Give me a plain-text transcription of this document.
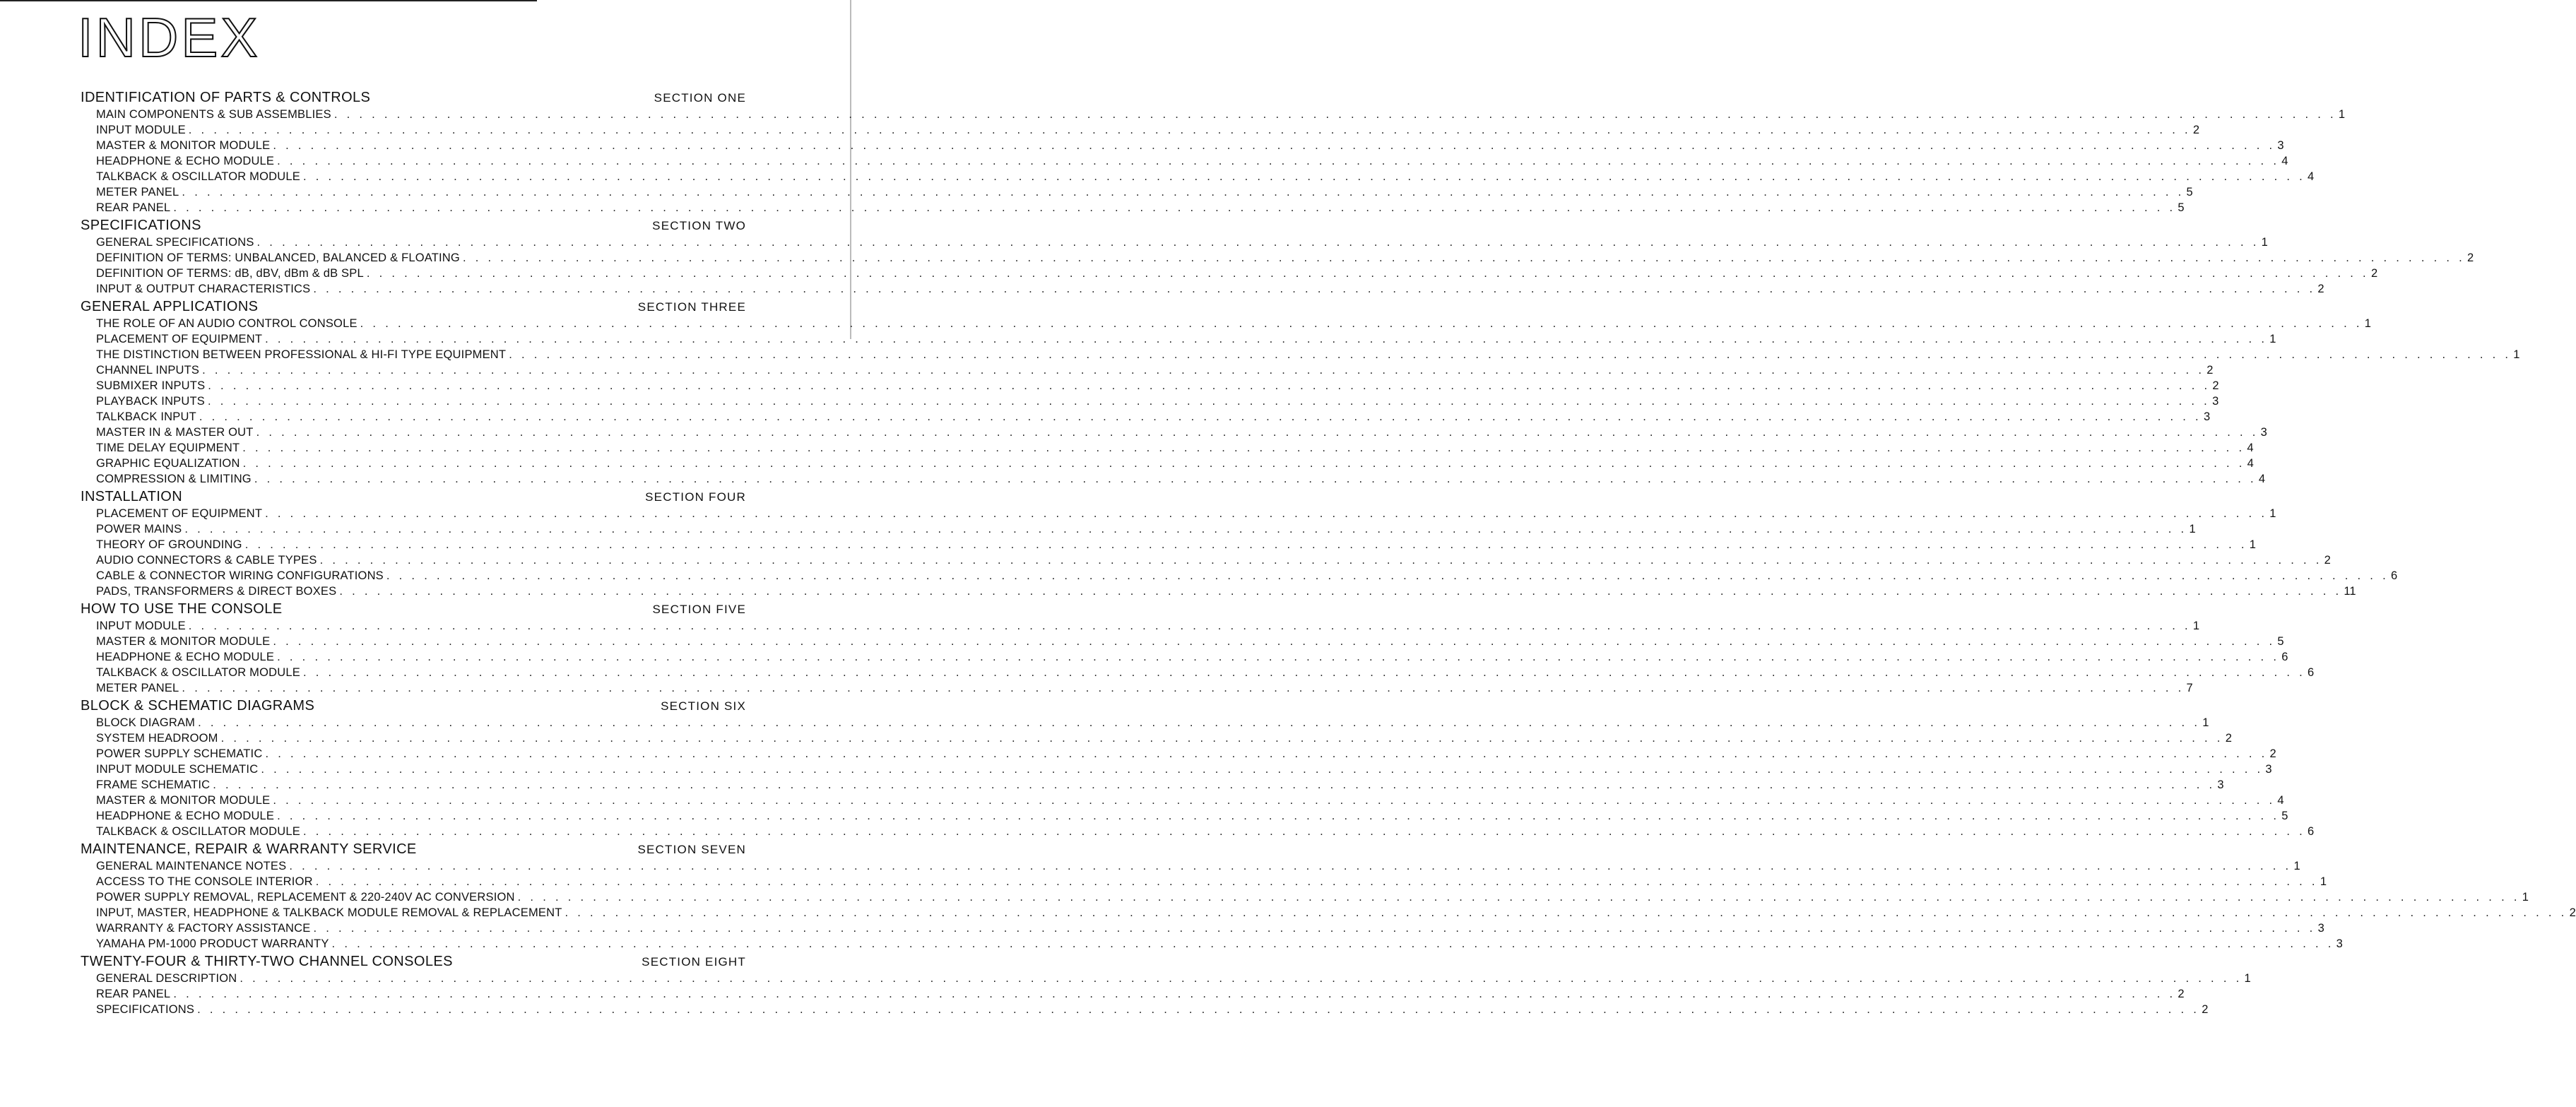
INDEX
IDENTIFICATION OF PARTS & CONTROLS	SECTION ONE
MAIN COMPONENTS & SUB ASSEMBLIES . . . . . . . . . . . . . . . . . . . . . . . . . . . . . . . . . . . . . . . . . . . . . . . . . . . . . . . . . . . . . . . . . . . . . . . . . . . . . . . . . . . . . . . . . . . . . . . . . . . . . . . . . . . . . . . . . . . . . . . . . . . . . . . . . . . . . . . . . . . . . . . . . . . . . . . . . . . . . . . . 1
INPUT MODULE . . . . . . . . . . . . . . . . . . . . . . . . . . . . . . . . . . . . . . . . . . . . . . . . . . . . . . . . . . . . . . . . . . . . . . . . . . . . . . . . . . . . . . . . . . . . . . . . . . . . . . . . . . . . . . . . . . . . . . . . . . . . . . . . . . . . . . . . . . . . . . . . . . . . . . . . . . . . . . . . 2
MASTER & MONITOR MODULE . . . . . . . . . . . . . . . . . . . . . . . . . . . . . . . . . . . . . . . . . . . . . . . . . . . . . . . . . . . . . . . . . . . . . . . . . . . . . . . . . . . . . . . . . . . . . . . . . . . . . . . . . . . . . . . . . . . . . . . . . . . . . . . . . . . . . . . . . . . . . . . . . . . . . . . . . . . . . . . . 3
HEADPHONE & ECHO MODULE . . . . . . . . . . . . . . . . . . . . . . . . . . . . . . . . . . . . . . . . . . . . . . . . . . . . . . . . . . . . . . . . . . . . . . . . . . . . . . . . . . . . . . . . . . . . . . . . . . . . . . . . . . . . . . . . . . . . . . . . . . . . . . . . . . . . . . . . . . . . . . . . . . . . . . . . . . . . . . . . 4
TALKBACK & OSCILLATOR MODULE . . . . . . . . . . . . . . . . . . . . . . . . . . . . . . . . . . . . . . . . . . . . . . . . . . . . . . . . . . . . . . . . . . . . . . . . . . . . . . . . . . . . . . . . . . . . . . . . . . . . . . . . . . . . . . . . . . . . . . . . . . . . . . . . . . . . . . . . . . . . . . . . . . . . . . . . . . . . . . . . 4
METER PANEL . . . . . . . . . . . . . . . . . . . . . . . . . . . . . . . . . . . . . . . . . . . . . . . . . . . . . . . . . . . . . . . . . . . . . . . . . . . . . . . . . . . . . . . . . . . . . . . . . . . . . . . . . . . . . . . . . . . . . . . . . . . . . . . . . . . . . . . . . . . . . . . . . . . . . . . . . . . . . . . . 5
REAR PANEL . . . . . . . . . . . . . . . . . . . . . . . . . . . . . . . . . . . . . . . . . . . . . . . . . . . . . . . . . . . . . . . . . . . . . . . . . . . . . . . . . . . . . . . . . . . . . . . . . . . . . . . . . . . . . . . . . . . . . . . . . . . . . . . . . . . . . . . . . . . . . . . . . . . . . . . . . . . . . . . . 5
SPECIFICATIONS	SECTION TWO
GENERAL SPECIFICATIONS . . . . . . . . . . . . . . . . . . . . . . . . . . . . . . . . . . . . . . . . . . . . . . . . . . . . . . . . . . . . . . . . . . . . . . . . . . . . . . . . . . . . . . . . . . . . . . . . . . . . . . . . . . . . . . . . . . . . . . . . . . . . . . . . . . . . . . . . . . . . . . . . . . . . . . . . . . . . . . . . 1
DEFINITION OF TERMS: UNBALANCED, BALANCED & FLOATING . . . . . . . . . . . . . . . . . . . . . . . . . . . . . . . . . . . . . . . . . . . . . . . . . . . . . . . . . . . . . . . . . . . . . . . . . . . . . . . . . . . . . . . . . . . . . . . . . . . . . . . . . . . . . . . . . . . . . . . . . . . . . . . . . . . . . . . . . . . . . . . . . . . . . . . . . . . . . . . . 2
DEFINITION OF TERMS: dB, dBV, dBm & dB SPL . . . . . . . . . . . . . . . . . . . . . . . . . . . . . . . . . . . . . . . . . . . . . . . . . . . . . . . . . . . . . . . . . . . . . . . . . . . . . . . . . . . . . . . . . . . . . . . . . . . . . . . . . . . . . . . . . . . . . . . . . . . . . . . . . . . . . . . . . . . . . . . . . . . . . . . . . . . . . . . . 2
INPUT & OUTPUT CHARACTERISTICS . . . . . . . . . . . . . . . . . . . . . . . . . . . . . . . . . . . . . . . . . . . . . . . . . . . . . . . . . . . . . . . . . . . . . . . . . . . . . . . . . . . . . . . . . . . . . . . . . . . . . . . . . . . . . . . . . . . . . . . . . . . . . . . . . . . . . . . . . . . . . . . . . . . . . . . . . . . . . . . . 2
GENERAL APPLICATIONS	SECTION THREE
THE ROLE OF AN AUDIO CONTROL CONSOLE . . . . . . . . . . . . . . . . . . . . . . . . . . . . . . . . . . . . . . . . . . . . . . . . . . . . . . . . . . . . . . . . . . . . . . . . . . . . . . . . . . . . . . . . . . . . . . . . . . . . . . . . . . . . . . . . . . . . . . . . . . . . . . . . . . . . . . . . . . . . . . . . . . . . . . . . . . . . . . . . 1
PLACEMENT OF EQUIPMENT . . . . . . . . . . . . . . . . . . . . . . . . . . . . . . . . . . . . . . . . . . . . . . . . . . . . . . . . . . . . . . . . . . . . . . . . . . . . . . . . . . . . . . . . . . . . . . . . . . . . . . . . . . . . . . . . . . . . . . . . . . . . . . . . . . . . . . . . . . . . . . . . . . . . . . . . . . . . . . . . 1
THE DISTINCTION BETWEEN PROFESSIONAL & HI-FI TYPE EQUIPMENT . . . . . . . . . . . . . . . . . . . . . . . . . . . . . . . . . . . . . . . . . . . . . . . . . . . . . . . . . . . . . . . . . . . . . . . . . . . . . . . . . . . . . . . . . . . . . . . . . . . . . . . . . . . . . . . . . . . . . . . . . . . . . . . . . . . . . . . . . . . . . . . . . . . . . . . . . . . . . . . . 1
CHANNEL INPUTS . . . . . . . . . . . . . . . . . . . . . . . . . . . . . . . . . . . . . . . . . . . . . . . . . . . . . . . . . . . . . . . . . . . . . . . . . . . . . . . . . . . . . . . . . . . . . . . . . . . . . . . . . . . . . . . . . . . . . . . . . . . . . . . . . . . . . . . . . . . . . . . . . . . . . . . . . . . . . . . . 2
SUBMIXER INPUTS . . . . . . . . . . . . . . . . . . . . . . . . . . . . . . . . . . . . . . . . . . . . . . . . . . . . . . . . . . . . . . . . . . . . . . . . . . . . . . . . . . . . . . . . . . . . . . . . . . . . . . . . . . . . . . . . . . . . . . . . . . . . . . . . . . . . . . . . . . . . . . . . . . . . . . . . . . . . . . . . 2
PLAYBACK INPUTS . . . . . . . . . . . . . . . . . . . . . . . . . . . . . . . . . . . . . . . . . . . . . . . . . . . . . . . . . . . . . . . . . . . . . . . . . . . . . . . . . . . . . . . . . . . . . . . . . . . . . . . . . . . . . . . . . . . . . . . . . . . . . . . . . . . . . . . . . . . . . . . . . . . . . . . . . . . . . . . . 3
TALKBACK INPUT . . . . . . . . . . . . . . . . . . . . . . . . . . . . . . . . . . . . . . . . . . . . . . . . . . . . . . . . . . . . . . . . . . . . . . . . . . . . . . . . . . . . . . . . . . . . . . . . . . . . . . . . . . . . . . . . . . . . . . . . . . . . . . . . . . . . . . . . . . . . . . . . . . . . . . . . . . . . . . . . 3
MASTER IN & MASTER OUT . . . . . . . . . . . . . . . . . . . . . . . . . . . . . . . . . . . . . . . . . . . . . . . . . . . . . . . . . . . . . . . . . . . . . . . . . . . . . . . . . . . . . . . . . . . . . . . . . . . . . . . . . . . . . . . . . . . . . . . . . . . . . . . . . . . . . . . . . . . . . . . . . . . . . . . . . . . . . . . . 3
TIME DELAY EQUIPMENT . . . . . . . . . . . . . . . . . . . . . . . . . . . . . . . . . . . . . . . . . . . . . . . . . . . . . . . . . . . . . . . . . . . . . . . . . . . . . . . . . . . . . . . . . . . . . . . . . . . . . . . . . . . . . . . . . . . . . . . . . . . . . . . . . . . . . . . . . . . . . . . . . . . . . . . . . . . . . . . . 4
GRAPHIC EQUALIZATION . . . . . . . . . . . . . . . . . . . . . . . . . . . . . . . . . . . . . . . . . . . . . . . . . . . . . . . . . . . . . . . . . . . . . . . . . . . . . . . . . . . . . . . . . . . . . . . . . . . . . . . . . . . . . . . . . . . . . . . . . . . . . . . . . . . . . . . . . . . . . . . . . . . . . . . . . . . . . . . . 4
COMPRESSION & LIMITING . . . . . . . . . . . . . . . . . . . . . . . . . . . . . . . . . . . . . . . . . . . . . . . . . . . . . . . . . . . . . . . . . . . . . . . . . . . . . . . . . . . . . . . . . . . . . . . . . . . . . . . . . . . . . . . . . . . . . . . . . . . . . . . . . . . . . . . . . . . . . . . . . . . . . . . . . . . . . . . . 4
INSTALLATION	SECTION FOUR
PLACEMENT OF EQUIPMENT . . . . . . . . . . . . . . . . . . . . . . . . . . . . . . . . . . . . . . . . . . . . . . . . . . . . . . . . . . . . . . . . . . . . . . . . . . . . . . . . . . . . . . . . . . . . . . . . . . . . . . . . . . . . . . . . . . . . . . . . . . . . . . . . . . . . . . . . . . . . . . . . . . . . . . . . . . . . . . . . 1
POWER MAINS . . . . . . . . . . . . . . . . . . . . . . . . . . . . . . . . . . . . . . . . . . . . . . . . . . . . . . . . . . . . . . . . . . . . . . . . . . . . . . . . . . . . . . . . . . . . . . . . . . . . . . . . . . . . . . . . . . . . . . . . . . . . . . . . . . . . . . . . . . . . . . . . . . . . . . . . . . . . . . . . 1
THEORY OF GROUNDING . . . . . . . . . . . . . . . . . . . . . . . . . . . . . . . . . . . . . . . . . . . . . . . . . . . . . . . . . . . . . . . . . . . . . . . . . . . . . . . . . . . . . . . . . . . . . . . . . . . . . . . . . . . . . . . . . . . . . . . . . . . . . . . . . . . . . . . . . . . . . . . . . . . . . . . . . . . . . . . . 1
AUDIO CONNECTORS & CABLE TYPES . . . . . . . . . . . . . . . . . . . . . . . . . . . . . . . . . . . . . . . . . . . . . . . . . . . . . . . . . . . . . . . . . . . . . . . . . . . . . . . . . . . . . . . . . . . . . . . . . . . . . . . . . . . . . . . . . . . . . . . . . . . . . . . . . . . . . . . . . . . . . . . . . . . . . . . . . . . . . . . . 2
CABLE & CONNECTOR WIRING CONFIGURATIONS . . . . . . . . . . . . . . . . . . . . . . . . . . . . . . . . . . . . . . . . . . . . . . . . . . . . . . . . . . . . . . . . . . . . . . . . . . . . . . . . . . . . . . . . . . . . . . . . . . . . . . . . . . . . . . . . . . . . . . . . . . . . . . . . . . . . . . . . . . . . . . . . . . . . . . . . . . . . . . . . 6
PADS, TRANSFORMERS & DIRECT BOXES . . . . . . . . . . . . . . . . . . . . . . . . . . . . . . . . . . . . . . . . . . . . . . . . . . . . . . . . . . . . . . . . . . . . . . . . . . . . . . . . . . . . . . . . . . . . . . . . . . . . . . . . . . . . . . . . . . . . . . . . . . . . . . . . . . . . . . . . . . . . . . . . . . . . . . . . . . . . . . . . 11
HOW TO USE THE CONSOLE	SECTION FIVE
INPUT MODULE . . . . . . . . . . . . . . . . . . . . . . . . . . . . . . . . . . . . . . . . . . . . . . . . . . . . . . . . . . . . . . . . . . . . . . . . . . . . . . . . . . . . . . . . . . . . . . . . . . . . . . . . . . . . . . . . . . . . . . . . . . . . . . . . . . . . . . . . . . . . . . . . . . . . . . . . . . . . . . . . 1
MASTER & MONITOR MODULE . . . . . . . . . . . . . . . . . . . . . . . . . . . . . . . . . . . . . . . . . . . . . . . . . . . . . . . . . . . . . . . . . . . . . . . . . . . . . . . . . . . . . . . . . . . . . . . . . . . . . . . . . . . . . . . . . . . . . . . . . . . . . . . . . . . . . . . . . . . . . . . . . . . . . . . . . . . . . . . . 5
HEADPHONE & ECHO MODULE . . . . . . . . . . . . . . . . . . . . . . . . . . . . . . . . . . . . . . . . . . . . . . . . . . . . . . . . . . . . . . . . . . . . . . . . . . . . . . . . . . . . . . . . . . . . . . . . . . . . . . . . . . . . . . . . . . . . . . . . . . . . . . . . . . . . . . . . . . . . . . . . . . . . . . . . . . . . . . . . 6
TALKBACK & OSCILLATOR MODULE . . . . . . . . . . . . . . . . . . . . . . . . . . . . . . . . . . . . . . . . . . . . . . . . . . . . . . . . . . . . . . . . . . . . . . . . . . . . . . . . . . . . . . . . . . . . . . . . . . . . . . . . . . . . . . . . . . . . . . . . . . . . . . . . . . . . . . . . . . . . . . . . . . . . . . . . . . . . . . . . 6
METER PANEL . . . . . . . . . . . . . . . . . . . . . . . . . . . . . . . . . . . . . . . . . . . . . . . . . . . . . . . . . . . . . . . . . . . . . . . . . . . . . . . . . . . . . . . . . . . . . . . . . . . . . . . . . . . . . . . . . . . . . . . . . . . . . . . . . . . . . . . . . . . . . . . . . . . . . . . . . . . . . . . . 7
BLOCK & SCHEMATIC DIAGRAMS	SECTION SIX
BLOCK DIAGRAM . . . . . . . . . . . . . . . . . . . . . . . . . . . . . . . . . . . . . . . . . . . . . . . . . . . . . . . . . . . . . . . . . . . . . . . . . . . . . . . . . . . . . . . . . . . . . . . . . . . . . . . . . . . . . . . . . . . . . . . . . . . . . . . . . . . . . . . . . . . . . . . . . . . . . . . . . . . . . . . . 1
SYSTEM HEADROOM . . . . . . . . . . . . . . . . . . . . . . . . . . . . . . . . . . . . . . . . . . . . . . . . . . . . . . . . . . . . . . . . . . . . . . . . . . . . . . . . . . . . . . . . . . . . . . . . . . . . . . . . . . . . . . . . . . . . . . . . . . . . . . . . . . . . . . . . . . . . . . . . . . . . . . . . . . . . . . . . 2
POWER SUPPLY SCHEMATIC . . . . . . . . . . . . . . . . . . . . . . . . . . . . . . . . . . . . . . . . . . . . . . . . . . . . . . . . . . . . . . . . . . . . . . . . . . . . . . . . . . . . . . . . . . . . . . . . . . . . . . . . . . . . . . . . . . . . . . . . . . . . . . . . . . . . . . . . . . . . . . . . . . . . . . . . . . . . . . . . 2
INPUT MODULE SCHEMATIC . . . . . . . . . . . . . . . . . . . . . . . . . . . . . . . . . . . . . . . . . . . . . . . . . . . . . . . . . . . . . . . . . . . . . . . . . . . . . . . . . . . . . . . . . . . . . . . . . . . . . . . . . . . . . . . . . . . . . . . . . . . . . . . . . . . . . . . . . . . . . . . . . . . . . . . . . . . . . . . . 3
FRAME SCHEMATIC . . . . . . . . . . . . . . . . . . . . . . . . . . . . . . . . . . . . . . . . . . . . . . . . . . . . . . . . . . . . . . . . . . . . . . . . . . . . . . . . . . . . . . . . . . . . . . . . . . . . . . . . . . . . . . . . . . . . . . . . . . . . . . . . . . . . . . . . . . . . . . . . . . . . . . . . . . . . . . . . 3
MASTER & MONITOR MODULE . . . . . . . . . . . . . . . . . . . . . . . . . . . . . . . . . . . . . . . . . . . . . . . . . . . . . . . . . . . . . . . . . . . . . . . . . . . . . . . . . . . . . . . . . . . . . . . . . . . . . . . . . . . . . . . . . . . . . . . . . . . . . . . . . . . . . . . . . . . . . . . . . . . . . . . . . . . . . . . . 4
HEADPHONE & ECHO MODULE . . . . . . . . . . . . . . . . . . . . . . . . . . . . . . . . . . . . . . . . . . . . . . . . . . . . . . . . . . . . . . . . . . . . . . . . . . . . . . . . . . . . . . . . . . . . . . . . . . . . . . . . . . . . . . . . . . . . . . . . . . . . . . . . . . . . . . . . . . . . . . . . . . . . . . . . . . . . . . . . 5
TALKBACK & OSCILLATOR MODULE . . . . . . . . . . . . . . . . . . . . . . . . . . . . . . . . . . . . . . . . . . . . . . . . . . . . . . . . . . . . . . . . . . . . . . . . . . . . . . . . . . . . . . . . . . . . . . . . . . . . . . . . . . . . . . . . . . . . . . . . . . . . . . . . . . . . . . . . . . . . . . . . . . . . . . . . . . . . . . . . 6
MAINTENANCE, REPAIR & WARRANTY SERVICE	SECTION SEVEN
GENERAL MAINTENANCE NOTES . . . . . . . . . . . . . . . . . . . . . . . . . . . . . . . . . . . . . . . . . . . . . . . . . . . . . . . . . . . . . . . . . . . . . . . . . . . . . . . . . . . . . . . . . . . . . . . . . . . . . . . . . . . . . . . . . . . . . . . . . . . . . . . . . . . . . . . . . . . . . . . . . . . . . . . . . . . . . . . . 1
ACCESS TO THE CONSOLE INTERIOR . . . . . . . . . . . . . . . . . . . . . . . . . . . . . . . . . . . . . . . . . . . . . . . . . . . . . . . . . . . . . . . . . . . . . . . . . . . . . . . . . . . . . . . . . . . . . . . . . . . . . . . . . . . . . . . . . . . . . . . . . . . . . . . . . . . . . . . . . . . . . . . . . . . . . . . . . . . . . . . . 1
POWER SUPPLY REMOVAL, REPLACEMENT & 220-240V AC CONVERSION . . . . . . . . . . . . . . . . . . . . . . . . . . . . . . . . . . . . . . . . . . . . . . . . . . . . . . . . . . . . . . . . . . . . . . . . . . . . . . . . . . . . . . . . . . . . . . . . . . . . . . . . . . . . . . . . . . . . . . . . . . . . . . . . . . . . . . . . . . . . . . . . . . . . . . . . . . . . . . . . 1
INPUT, MASTER, HEADPHONE & TALKBACK MODULE REMOVAL & REPLACEMENT . . . . . . . . . . . . . . . . . . . . . . . . . . . . . . . . . . . . . . . . . . . . . . . . . . . . . . . . . . . . . . . . . . . . . . . . . . . . . . . . . . . . . . . . . . . . . . . . . . . . . . . . . . . . . . . . . . . . . . . . . . . . . . . . . . . . . . . . . . . . . . . . . . . . . . . . . . . . . . . . 2
WARRANTY & FACTORY ASSISTANCE . . . . . . . . . . . . . . . . . . . . . . . . . . . . . . . . . . . . . . . . . . . . . . . . . . . . . . . . . . . . . . . . . . . . . . . . . . . . . . . . . . . . . . . . . . . . . . . . . . . . . . . . . . . . . . . . . . . . . . . . . . . . . . . . . . . . . . . . . . . . . . . . . . . . . . . . . . . . . . . . 3
YAMAHA PM-1000 PRODUCT WARRANTY . . . . . . . . . . . . . . . . . . . . . . . . . . . . . . . . . . . . . . . . . . . . . . . . . . . . . . . . . . . . . . . . . . . . . . . . . . . . . . . . . . . . . . . . . . . . . . . . . . . . . . . . . . . . . . . . . . . . . . . . . . . . . . . . . . . . . . . . . . . . . . . . . . . . . . . . . . . . . . . . 3
TWENTY-FOUR & THIRTY-TWO CHANNEL CONSOLES	SECTION EIGHT
GENERAL DESCRIPTION . . . . . . . . . . . . . . . . . . . . . . . . . . . . . . . . . . . . . . . . . . . . . . . . . . . . . . . . . . . . . . . . . . . . . . . . . . . . . . . . . . . . . . . . . . . . . . . . . . . . . . . . . . . . . . . . . . . . . . . . . . . . . . . . . . . . . . . . . . . . . . . . . . . . . . . . . . . . . . . . 1
REAR PANEL . . . . . . . . . . . . . . . . . . . . . . . . . . . . . . . . . . . . . . . . . . . . . . . . . . . . . . . . . . . . . . . . . . . . . . . . . . . . . . . . . . . . . . . . . . . . . . . . . . . . . . . . . . . . . . . . . . . . . . . . . . . . . . . . . . . . . . . . . . . . . . . . . . . . . . . . . . . . . . . . 2
SPECIFICATIONS . . . . . . . . . . . . . . . . . . . . . . . . . . . . . . . . . . . . . . . . . . . . . . . . . . . . . . . . . . . . . . . . . . . . . . . . . . . . . . . . . . . . . . . . . . . . . . . . . . . . . . . . . . . . . . . . . . . . . . . . . . . . . . . . . . . . . . . . . . . . . . . . . . . . . . . . . . . . . . . . 2
